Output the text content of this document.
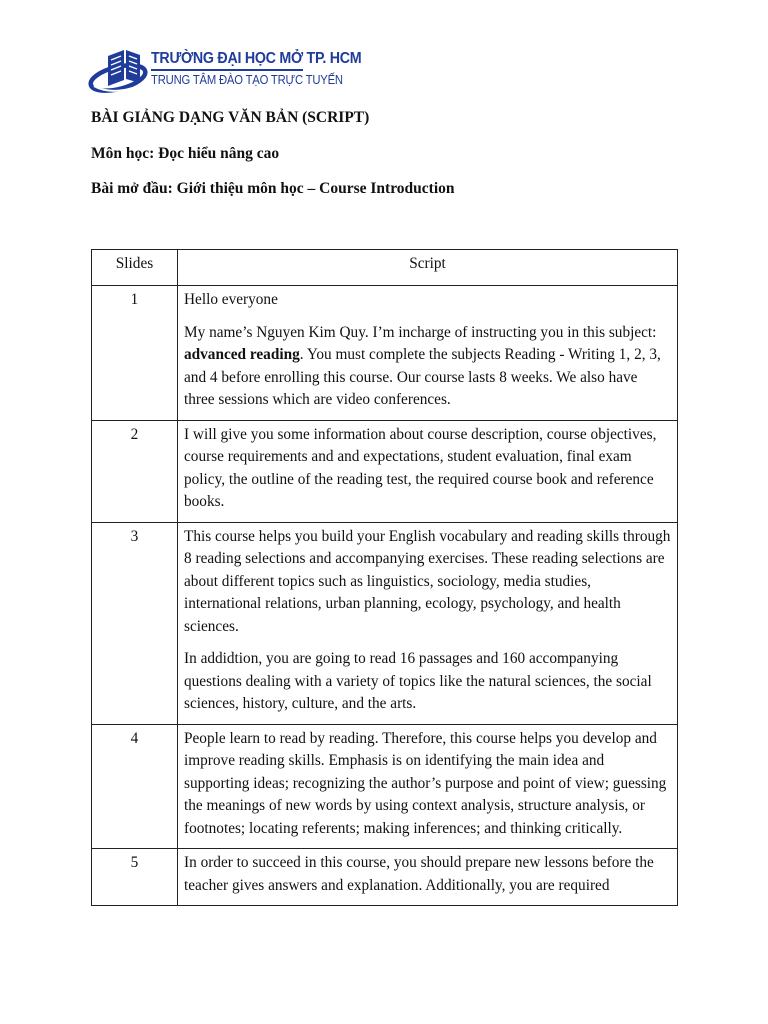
TRƯỜNG ĐẠI HỌC MỞ TP. HCM
TRUNG TÂM ĐÀO TẠO TRỰC TUYẾN
BÀI GIẢNG DẠNG VĂN BẢN (SCRIPT)
Môn học: Đọc hiểu nâng cao
Bài mở đầu: Giới thiệu môn học – Course Introduction
Slides	Script
1	Hello everyone

My name’s Nguyen Kim Quy. I’m incharge of instructing you in this subject: advanced reading. You must complete the subjects Reading - Writing 1, 2, 3, and 4 before enrolling this course. Our course lasts 8 weeks. We also have three sessions which are video conferences.

2	I will give you some information about course description, course objectives, course requirements and and expectations, student evaluation, final exam policy, the outline of the reading test, the required course book and reference books.

3	This course helps you build your English vocabulary and reading skills through 8 reading selections and accompanying exercises. These reading selections are about different topics such as linguistics, sociology, media studies, international relations, urban planning, ecology, psychology, and health sciences.

In addidtion, you are going to read 16 passages and 160 accompanying questions dealing with a variety of topics like the natural sciences, the social sciences, history, culture, and the arts.

4	People learn to read by reading. Therefore, this course helps you develop and improve reading skills. Emphasis is on identifying the main idea and supporting ideas; recognizing the author’s purpose and point of view; guessing the meanings of new words by using context analysis, structure analysis, or footnotes; locating referents; making inferences; and thinking critically.

5	In order to succeed in this course, you should prepare new lessons before the teacher gives answers and explanation. Additionally, you are required
